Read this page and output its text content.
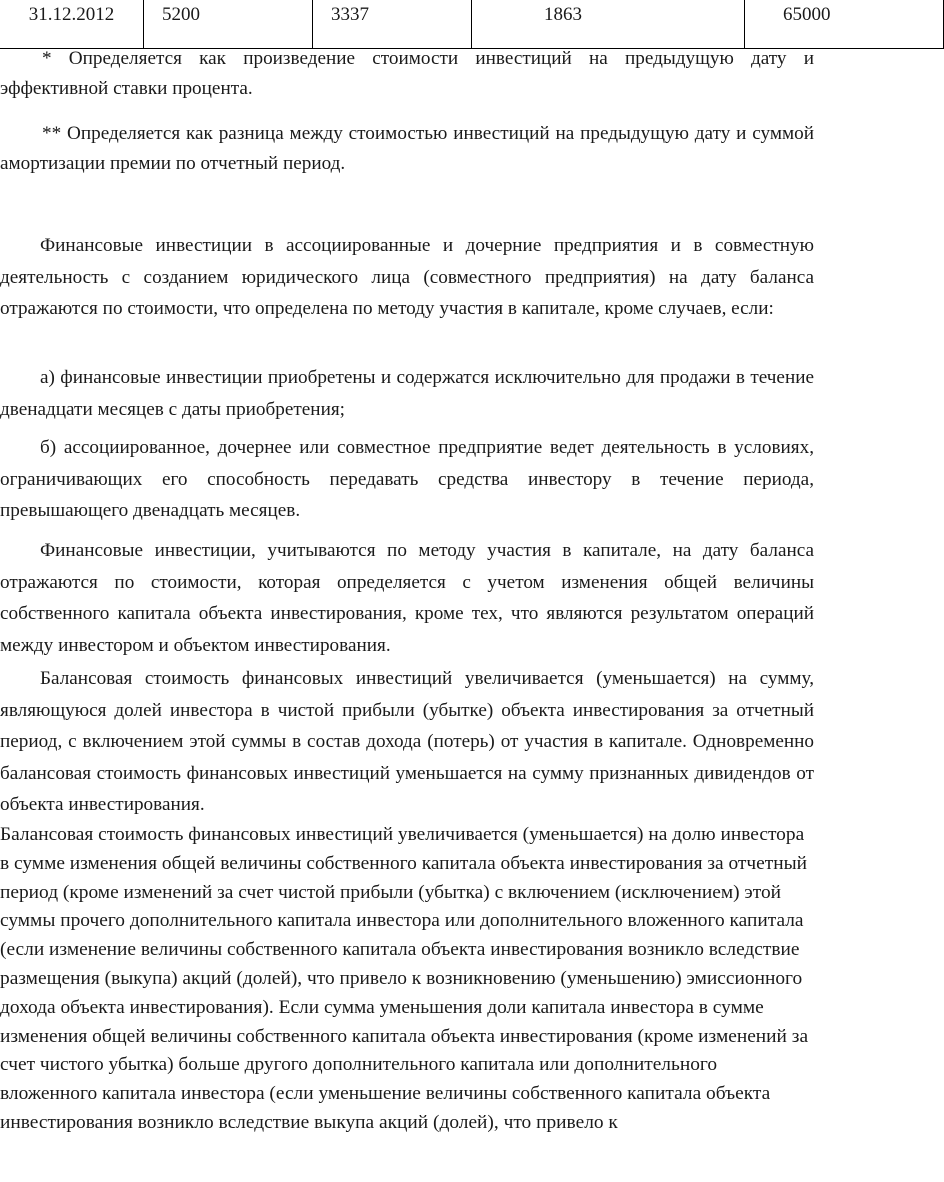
31.12.2012	5200	3337	1863	65000

* Определяется как произведение стоимости инвестиций на предыдущую дату и эффективной ставки процента.

** Определяется как разница между стоимостью инвестиций на предыдущую дату и суммой амортизации премии по отчетный период.

Финансовые инвестиции в ассоциированные и дочерние предприятия и в совместную деятельность с созданием юридического лица (совместного предприятия) на дату баланса отражаются по стоимости, что определена по методу участия в капитале, кроме случаев, если:

а) финансовые инвестиции приобретены и содержатся исключительно для продажи в течение двенадцати месяцев с даты приобретения;

б) ассоциированное, дочернее или совместное предприятие ведет деятельность в условиях, ограничивающих его способность передавать средства инвестору в течение периода, превышающего двенадцать месяцев.

Финансовые инвестиции, учитываются по методу участия в капитале, на дату баланса отражаются по стоимости, которая определяется с учетом изменения общей величины собственного капитала объекта инвестирования, кроме тех, что являются результатом операций между инвестором и объектом инвестирования.

Балансовая стоимость финансовых инвестиций увеличивается (уменьшается) на сумму, являющуюся долей инвестора в чистой прибыли (убытке) объекта инвестирования за отчетный период, с включением этой суммы в состав дохода (потерь) от участия в капитале. Одновременно балансовая стоимость финансовых инвестиций уменьшается на сумму признанных дивидендов от объекта инвестирования.

Балансовая стоимость финансовых инвестиций увеличивается (уменьшается) на долю инвестора в сумме изменения общей величины собственного капитала объекта инвестирования за отчетный период (кроме изменений за счет чистой прибыли (убытка) с включением (исключением) этой суммы прочего дополнительного капитала инвестора или дополнительного вложенного капитала (если изменение величины собственного капитала объекта инвестирования возникло вследствие размещения (выкупа) акций (долей), что привело к возникновению (уменьшению) эмиссионного дохода объекта инвестирования). Если сумма уменьшения доли капитала инвестора в сумме изменения общей величины собственного капитала объекта инвестирования (кроме изменений за счет чистого убытка) больше другого дополнительного капитала или дополнительного вложенного капитала инвестора (если уменьшение величины собственного капитала объекта инвестирования возникло вследствие выкупа акций (долей), что привело к
